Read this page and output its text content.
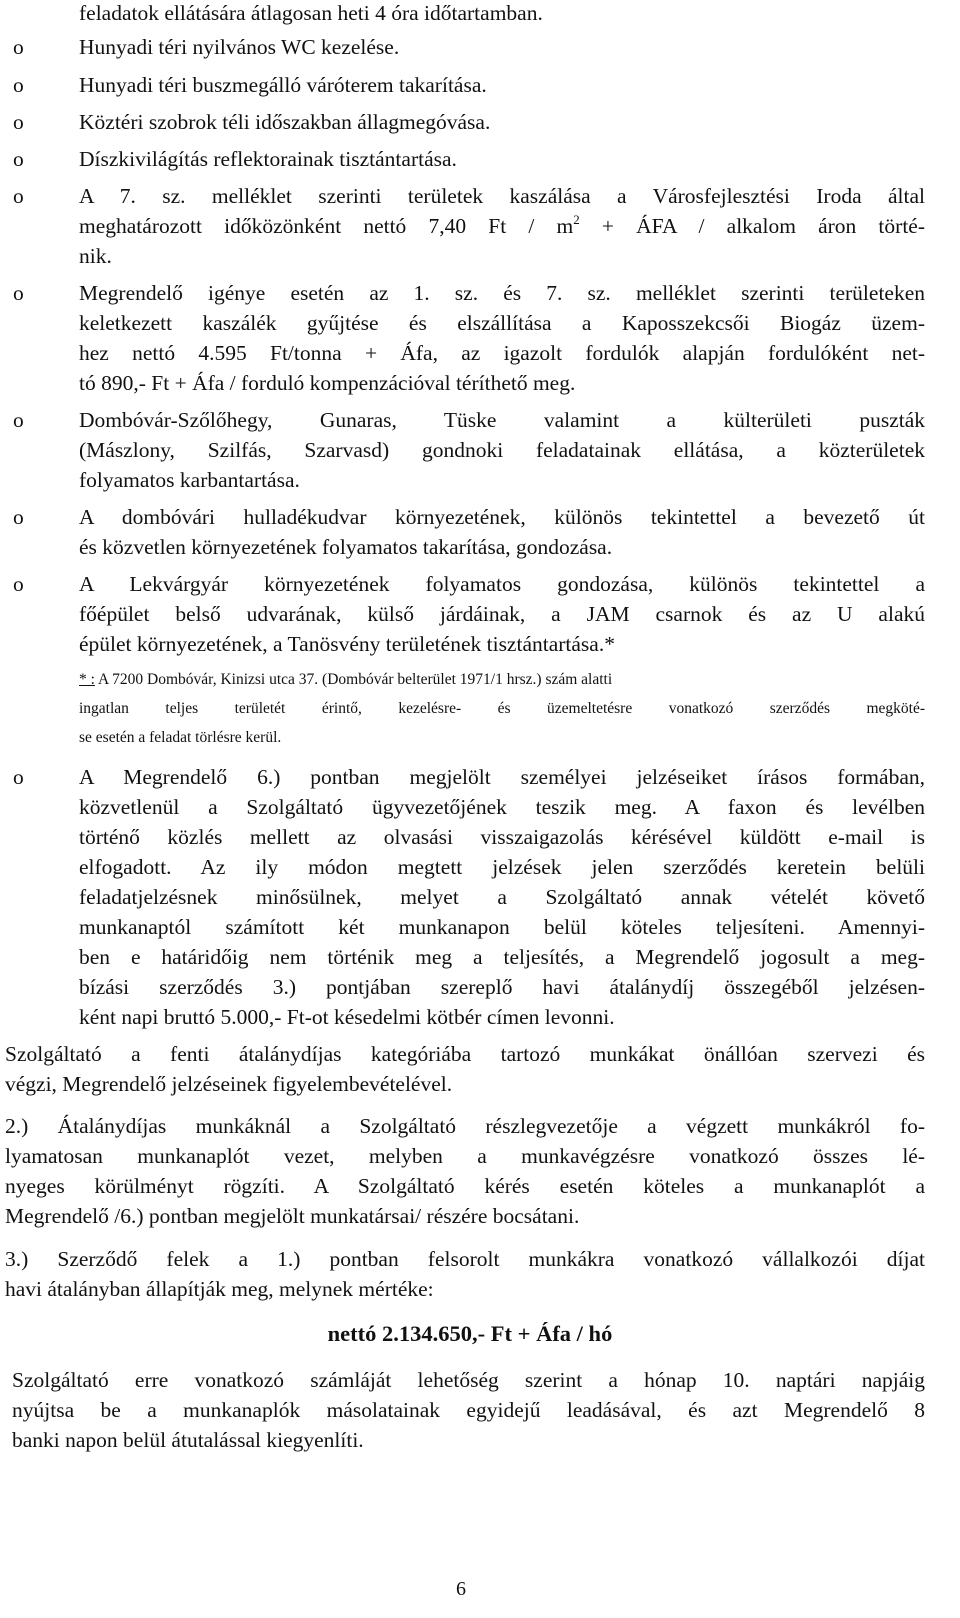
feladatok ellátására átlagosan heti 4 óra időtartamban.
o	Hunyadi téri nyilvános WC kezelése.
o	Hunyadi téri buszmegálló váróterem takarítása.
o	Köztéri szobrok téli időszakban állagmegóvása.
o	Díszkivilágítás reflektorainak tisztántartása.
o	A 7. sz. melléklet szerinti területek kaszálása a Városfejlesztési Iroda által
meghatározott időközönként nettó 7,40 Ft / $m^2$ + ÁFA / alkalom áron törté-
nik.
o	Megrendelő igénye esetén az 1. sz. és 7. sz. melléklet szerinti területeken
keletkezett kaszálék gyűjtése és elszállítása a Kaposszekcsői Biogáz üzem-
hez nettó 4.595 Ft/tonna + Áfa, az igazolt fordulók alapján fordulóként net-
tó 890,- Ft + Áfa / forduló kompenzációval téríthető meg.
o	Dombóvár-Szőlőhegy, Gunaras, Tüske valamint a külterületi puszták
(Mászlony, Szilfás, Szarvasd) gondnoki feladatainak ellátása, a közterületek
folyamatos karbantartása.
o	A dombóvári hulladékudvar környezetének, különös tekintettel a bevezető út
és közvetlen környezetének folyamatos takarítása, gondozása.
o	A Lekvárgyár környezetének folyamatos gondozása, különös tekintettel a
főépület belső udvarának, külső járdáinak, a JAM csarnok és az U alakú
épület környezetének, a Tanösvény területének tisztántartása.*
* : A 7200 Dombóvár, Kinizsi utca 37. (Dombóvár belterület 1971/1 hrsz.) szám alatti
ingatlan teljes területét érintő, kezelésre- és üzemeltetésre vonatkozó szerződés megköté-
se esetén a feladat törlésre kerül.
o	A Megrendelő 6.) pontban megjelölt személyei jelzéseiket írásos formában,
közvetlenül a Szolgáltató ügyvezetőjének teszik meg. A faxon és levélben
történő közlés mellett az olvasási visszaigazolás kérésével küldött e-mail is
elfogadott. Az ily módon megtett jelzések jelen szerződés keretein belüli
feladatjelzésnek minősülnek, melyet a Szolgáltató annak vételét követő
munkanaptól számított két munkanapon belül köteles teljesíteni. Amennyi-
ben e határidőig nem történik meg a teljesítés, a Megrendelő jogosult a meg-
bízási szerződés 3.) pontjában szereplő havi átalánydíj összegéből jelzésen-
ként napi bruttó 5.000,- Ft-ot késedelmi kötbér címen levonni.
Szolgáltató a fenti átalánydíjas kategóriába tartozó munkákat önállóan szervezi és
végzi, Megrendelő jelzéseinek figyelembevételével.
2.) Átalánydíjas munkáknál a Szolgáltató részlegvezetője a végzett munkákról fo-
lyamatosan munkanaplót vezet, melyben a munkavégzésre vonatkozó összes lé-
nyeges körülményt rögzíti. A Szolgáltató kérés esetén köteles a munkanaplót a
Megrendelő /6.) pontban megjelölt munkatársai/ részére bocsátani.
3.) Szerződő felek a 1.) pontban felsorolt munkákra vonatkozó vállalkozói díjat
havi átalányban állapítják meg, melynek mértéke:
nettó 2.134.650,- Ft + Áfa / hó
Szolgáltató erre vonatkozó számláját lehetőség szerint a hónap 10. naptári napjáig
nyújtsa be a munkanaplók másolatainak egyidejű leadásával, és azt Megrendelő 8
banki napon belül átutalással kiegyenlíti.
6
